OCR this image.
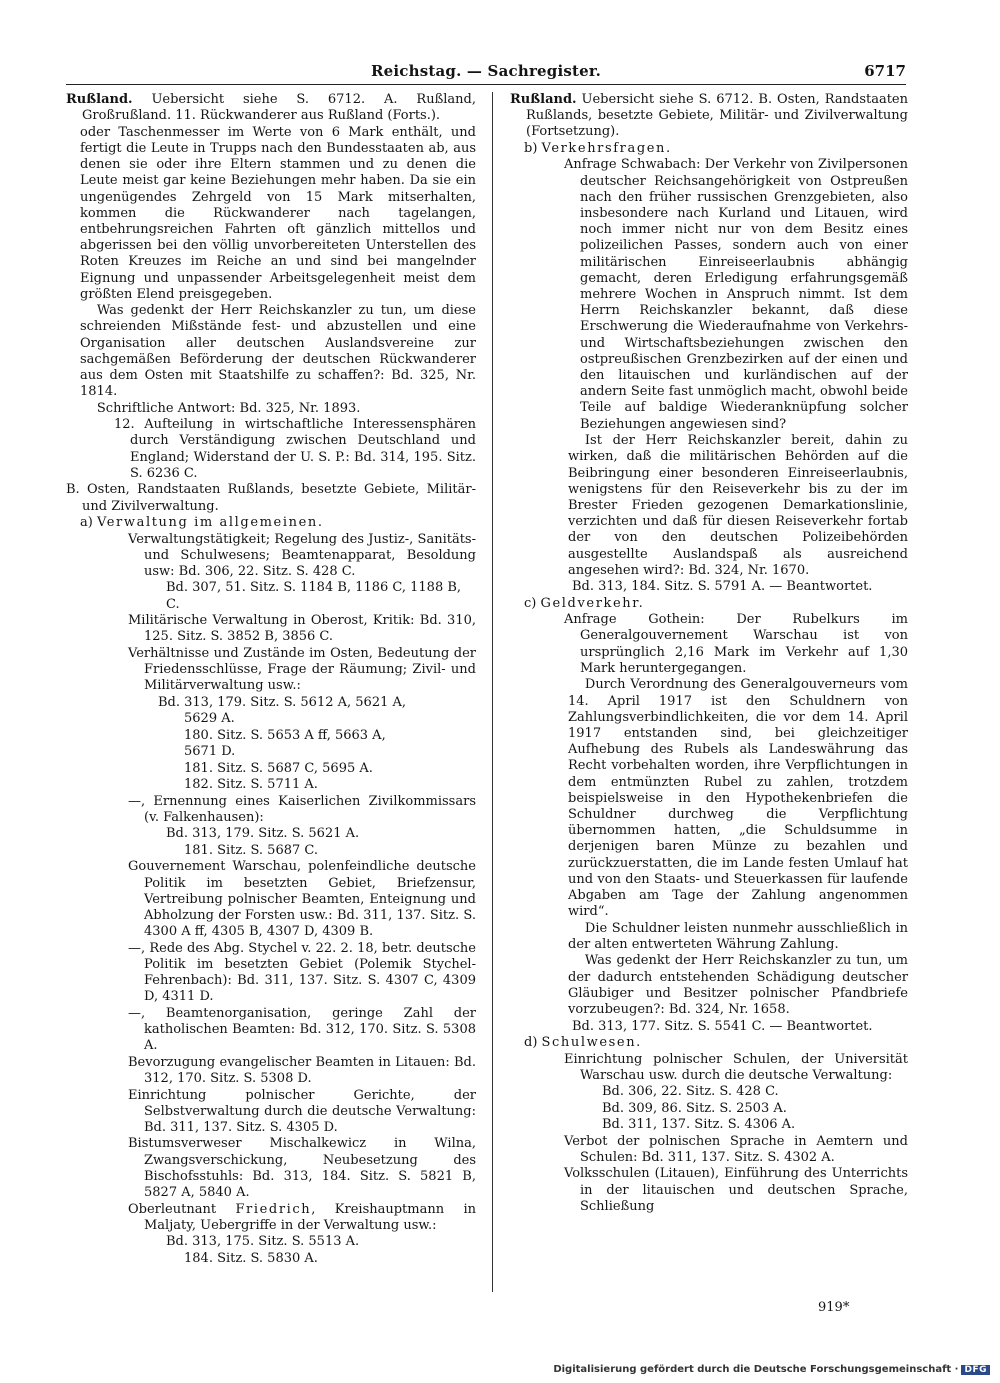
Reichstag. — Sachregister.	6717

Rußland. Uebersicht siehe S. 6712. A. Rußland, Großrußland. 11. Rückwanderer aus Rußland (Forts.).

oder Taschenmesser im Werte von 6 Mark enthält, und fertigt die Leute in Trupps nach den Bundesstaaten ab, aus denen sie oder ihre Eltern stammen und zu denen die Leute meist gar keine Beziehungen mehr haben. Da sie ein ungenügendes Zehrgeld von 15 Mark mitserhalten, kommen die Rückwanderer nach tagelangen, entbehrungsreichen Fahrten oft gänzlich mittellos und abgerissen bei den völlig unvorbereiteten Unterstellen des Roten Kreuzes im Reiche an und sind bei mangelnder Eignung und unpassender Arbeitsgelegenheit meist dem größten Elend preisgegeben.

Was gedenkt der Herr Reichskanzler zu tun, um diese schreienden Mißstände fest- und abzustellen und eine Organisation aller deutschen Auslandsvereine zur sachgemäßen Beförderung der deutschen Rückwanderer aus dem Osten mit Staatshilfe zu schaffen?: Bd. 325, Nr. 1814.

Schriftliche Antwort: Bd. 325, Nr. 1893.

12. Aufteilung in wirtschaftliche Interessensphären durch Verständigung zwischen Deutschland und England; Widerstand der U. S. P.: Bd. 314, 195. Sitz. S. 6236 C.

B. Osten, Randstaaten Rußlands, besetzte Gebiete, Militär- und Zivilverwaltung.

a) Verwaltung im allgemeinen.

Verwaltungstätigkeit; Regelung des Justiz-, Sanitäts- und Schulwesens; Beamtenapparat, Besoldung usw: Bd. 306, 22. Sitz. S. 428 C.

Bd. 307, 51. Sitz. S. 1184 B, 1186 C, 1188 B, C.

Militärische Verwaltung in Oberost, Kritik: Bd. 310, 125. Sitz. S. 3852 B, 3856 C.

Verhältnisse und Zustände im Osten, Bedeutung der Friedensschlüsse, Frage der Räumung; Zivil- und Militärverwaltung usw.:

Bd. 313, 179. Sitz. S. 5612 A, 5621 A,

5629 A.

180. Sitz. S. 5653 A ff, 5663 A,

5671 D.

181. Sitz. S. 5687 C, 5695 A.

182. Sitz. S. 5711 A.

—, Ernennung eines Kaiserlichen Zivilkommissars (v. Falkenhausen):

Bd. 313, 179. Sitz. S. 5621 A.

181. Sitz. S. 5687 C.

Gouvernement Warschau, polenfeindliche deutsche Politik im besetzten Gebiet, Briefzensur, Vertreibung polnischer Beamten, Enteignung und Abholzung der Forsten usw.: Bd. 311, 137. Sitz. S. 4300 A ff, 4305 B, 4307 D, 4309 B.

—, Rede des Abg. Stychel v. 22. 2. 18, betr. deutsche Politik im besetzten Gebiet (Polemik Stychel-Fehrenbach): Bd. 311, 137. Sitz. S. 4307 C, 4309 D, 4311 D.

—, Beamtenorganisation, geringe Zahl der katholischen Beamten: Bd. 312, 170. Sitz. S. 5308 A.

Bevorzugung evangelischer Beamten in Litauen: Bd. 312, 170. Sitz. S. 5308 D.

Einrichtung polnischer Gerichte, der Selbstverwaltung durch die deutsche Verwaltung: Bd. 311, 137. Sitz. S. 4305 D.

Bistumsverweser Mischalkewicz in Wilna, Zwangsverschickung, Neubesetzung des Bischofsstuhls: Bd. 313, 184. Sitz. S. 5821 B, 5827 A, 5840 A.

Oberleutnant Friedrich, Kreishauptmann in Maljaty, Uebergriffe in der Verwaltung usw.:

Bd. 313, 175. Sitz. S. 5513 A.

184. Sitz. S. 5830 A.

Rußland. Uebersicht siehe S. 6712. B. Osten, Randstaaten Rußlands, besetzte Gebiete, Militär- und Zivilverwaltung (Fortsetzung).

b) Verkehrsfragen.

Anfrage Schwabach: Der Verkehr von Zivilpersonen deutscher Reichsangehörigkeit von Ostpreußen nach den früher russischen Grenzgebieten, also insbesondere nach Kurland und Litauen, wird noch immer nicht nur von dem Besitz eines polizeilichen Passes, sondern auch von einer militärischen Einreiseerlaubnis abhängig gemacht, deren Erledigung erfahrungsgemäß mehrere Wochen in Anspruch nimmt. Ist dem Herrn Reichskanzler bekannt, daß diese Erschwerung die Wiederaufnahme von Verkehrs- und Wirtschaftsbeziehungen zwischen den ostpreußischen Grenzbezirken auf der einen und den litauischen und kurländischen auf der andern Seite fast unmöglich macht, obwohl beide Teile auf baldige Wiederanknüpfung solcher Beziehungen angewiesen sind?

Ist der Herr Reichskanzler bereit, dahin zu wirken, daß die militärischen Behörden auf die Beibringung einer besonderen Einreiseerlaubnis, wenigstens für den Reiseverkehr bis zu der im Brester Frieden gezogenen Demarkationslinie, verzichten und daß für diesen Reiseverkehr fortab der von den deutschen Polizeibehörden ausgestellte Auslandspaß als ausreichend angesehen wird?: Bd. 324, Nr. 1670.

Bd. 313, 184. Sitz. S. 5791 A. — Beantwortet.

c) Geldverkehr.

Anfrage Gothein: Der Rubelkurs im Generalgouvernement Warschau ist von ursprünglich 2,16 Mark im Verkehr auf 1,30 Mark heruntergegangen.

Durch Verordnung des Generalgouverneurs vom 14. April 1917 ist den Schuldnern von Zahlungsverbindlichkeiten, die vor dem 14. April 1917 entstanden sind, bei gleichzeitiger Aufhebung des Rubels als Landeswährung das Recht vorbehalten worden, ihre Verpflichtungen in dem entmünzten Rubel zu zahlen, trotzdem beispielsweise in den Hypothekenbriefen die Schuldner durchweg die Verpflichtung übernommen hatten, „die Schuldsumme in derjenigen baren Münze zu bezahlen und zurückzuerstatten, die im Lande festen Umlauf hat und von den Staats- und Steuerkassen für laufende Abgaben am Tage der Zahlung angenommen wird“.

Die Schuldner leisten nunmehr ausschließlich in der alten entwerteten Währung Zahlung.

Was gedenkt der Herr Reichskanzler zu tun, um der dadurch entstehenden Schädigung deutscher Gläubiger und Besitzer polnischer Pfandbriefe vorzubeugen?: Bd. 324, Nr. 1658.

Bd. 313, 177. Sitz. S. 5541 C. — Beantwortet.

d) Schulwesen.

Einrichtung polnischer Schulen, der Universität Warschau usw. durch die deutsche Verwaltung:

Bd. 306, 22. Sitz. S. 428 C.

Bd. 309, 86. Sitz. S. 2503 A.

Bd. 311, 137. Sitz. S. 4306 A.

Verbot der polnischen Sprache in Aemtern und Schulen: Bd. 311, 137. Sitz. S. 4302 A.

Volksschulen (Litauen), Einführung des Unterrichts in der litauischen und deutschen Sprache, Schließung

919*
Digitalisierung gefördert durch die Deutsche Forschungsgemeinschaft · DFG
